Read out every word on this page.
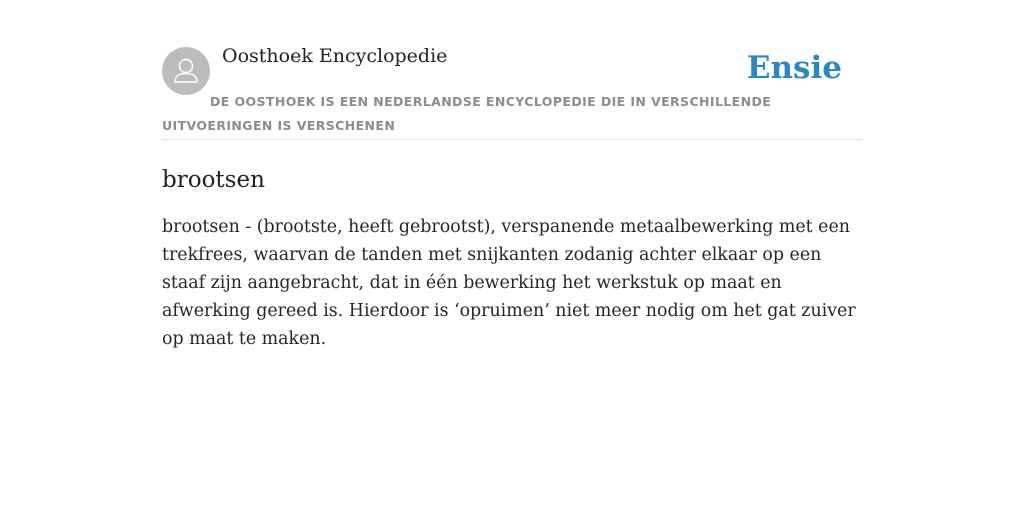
Oosthoek Encyclopedie	Ensie
DE OOSTHOEK IS EEN NEDERLANDSE ENCYCLOPEDIE DIE IN VERSCHILLENDE UITVOERINGEN IS VERSCHENEN
brootsen

brootsen - (brootste, heeft gebrootst), verspanende metaalbewerking met een trekfrees, waarvan de tanden met snijkanten zodanig achter elkaar op een staaf zijn aangebracht, dat in één bewerking het werkstuk op maat en afwerking gereed is. Hierdoor is ‘opruimen’ niet meer nodig om het gat zuiver op maat te maken.
